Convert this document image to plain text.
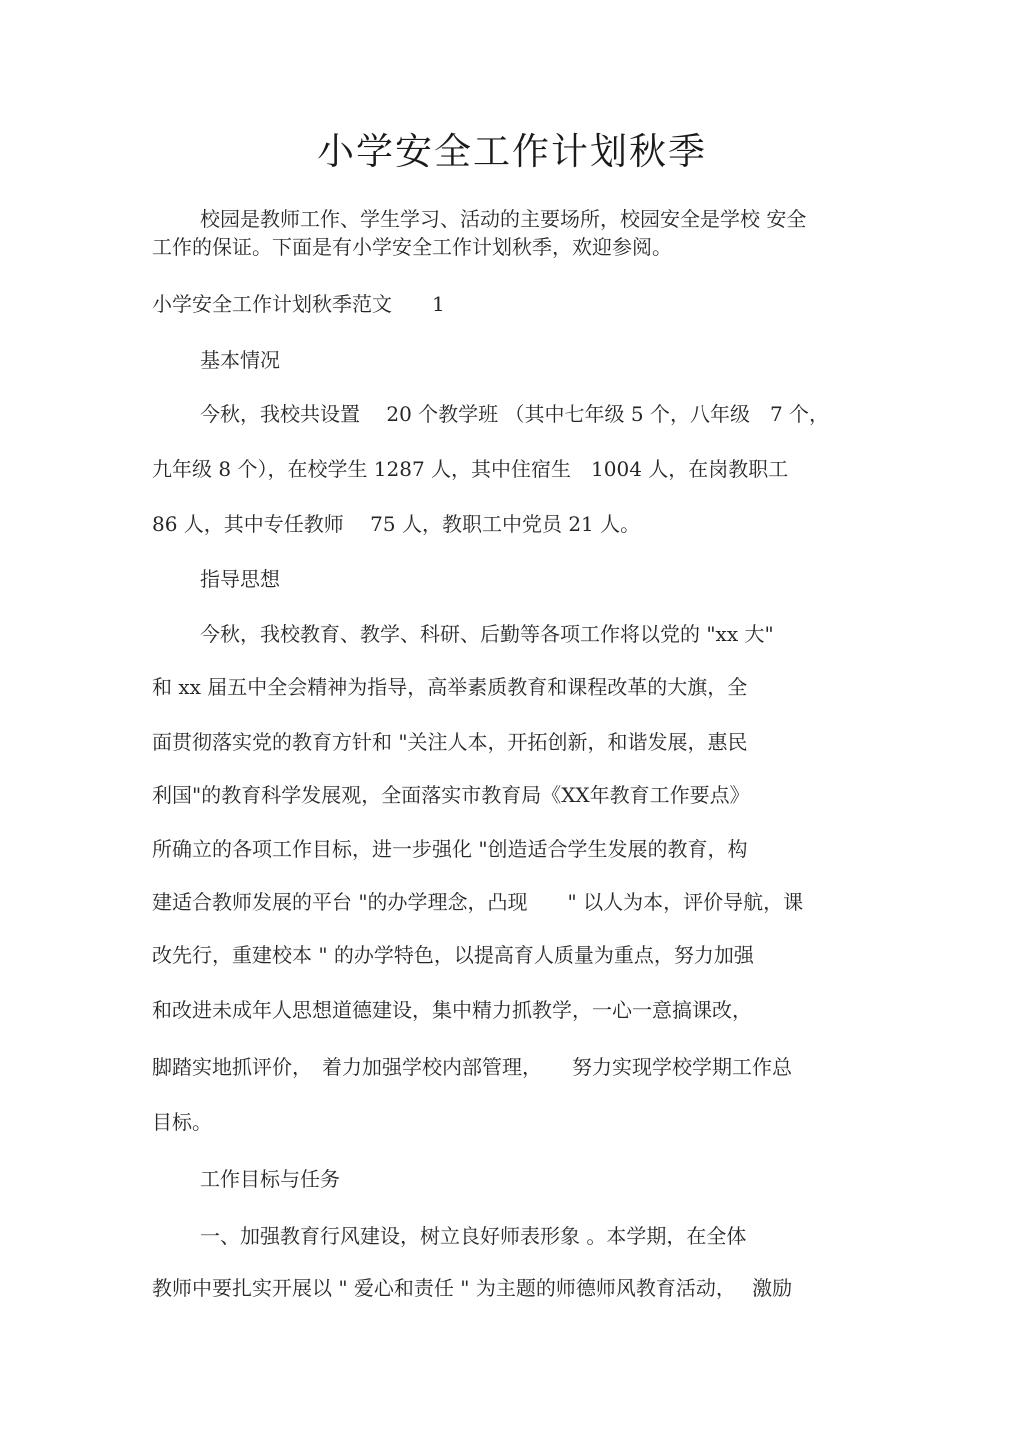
小学安全工作计划秋季
校园是教师工作、学生学习、活动的主要场所，校园安全是学校 安全
工作的保证。下面是有小学安全工作计划秋季，欢迎参阅。
小学安全工作计划秋季范文　　1
基本情况
今秋，我校共设置　 20 个教学班 （其中七年级 5 个，八年级　7 个，
九年级 8 个），在校学生 1287 人，其中住宿生　1004 人，在岗教职工
86 人，其中专任教师　 75 人，教职工中党员 21 人。
指导思想
今秋，我校教育、教学、科研、后勤等各项工作将以党的 "xx 大"
和 xx 届五中全会精神为指导，高举素质教育和课程改革的大旗，全
面贯彻落实党的教育方针和 "关注人本，开拓创新，和谐发展，惠民
利国"的教育科学发展观，全面落实市教育局《XX年教育工作要点》
所确立的各项工作目标，进一步强化 "创造适合学生发展的教育，构
建适合教师发展的平台 "的办学理念，凸现　　" 以人为本，评价导航，课
改先行，重建校本 " 的办学特色，以提高育人质量为重点，努力加强
和改进未成年人思想道德建设，集中精力抓教学，一心一意搞课改，
脚踏实地抓评价，　着力加强学校内部管理，　　努力实现学校学期工作总
目标。
工作目标与任务
一、加强教育行风建设，树立良好师表形象 。本学期，在全体
教师中要扎实开展以 " 爱心和责任 " 为主题的师德师风教育活动，　 激励
